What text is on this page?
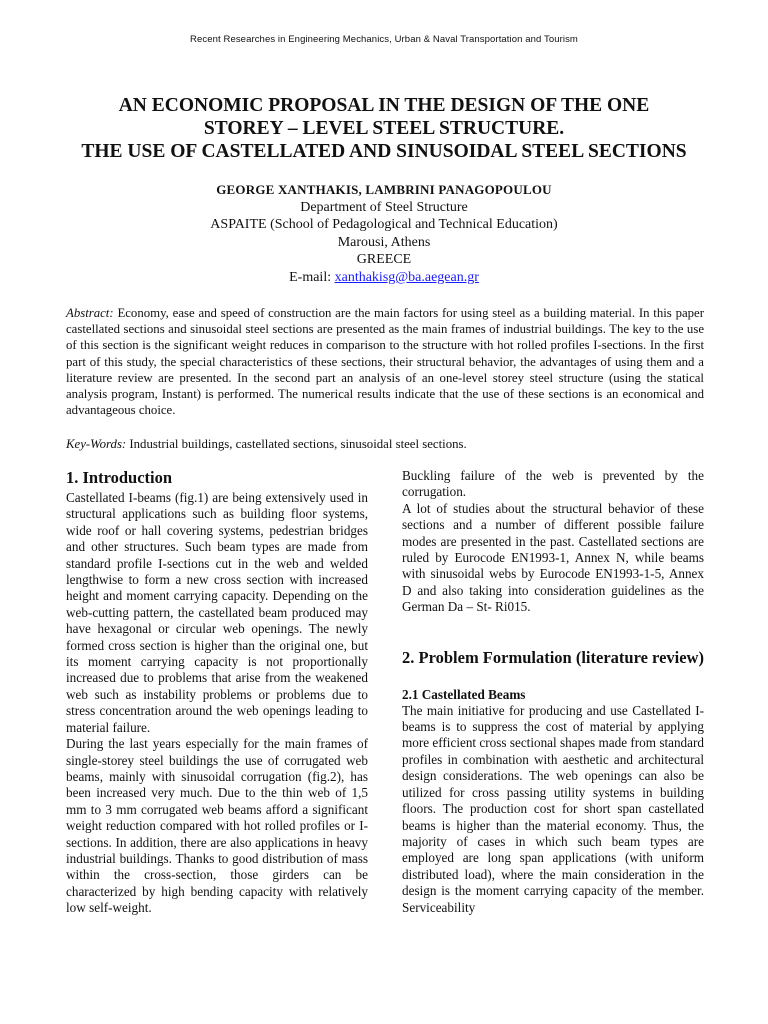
Recent Researches in Engineering Mechanics, Urban & Naval Transportation and Tourism
AN ECONOMIC PROPOSAL IN THE DESIGN OF THE ONE
STOREY – LEVEL STEEL STRUCTURE.
THE USE OF CASTELLATED AND SINUSOIDAL STEEL SECTIONS
GEORGE XANTHAKIS, LAMBRINI PANAGOPOULOU
Department of Steel Structure
ASPAITE (School of Pedagological and Technical Education)
Marousi, Athens
GREECE
E-mail: xanthakisg@ba.aegean.gr
Abstract: Economy, ease and speed of construction are the main factors for using steel as a building material. In this paper castellated sections and sinusoidal steel sections are presented as the main frames of industrial buildings. The key to the use of this section is the significant weight reduces in comparison to the structure with hot rolled profiles I-sections. In the first part of this study, the special characteristics of these sections, their structural behavior, the advantages of using them and a literature review are presented. In the second part an analysis of an one-level storey steel structure (using the statical analysis program, Instant) is performed. The numerical results indicate that the use of these sections is an economical and advantageous choice.
Key-Words: Industrial buildings, castellated sections, sinusoidal steel sections.
1. Introduction

Castellated I-beams (fig.1) are being extensively used in structural applications such as building floor systems, wide roof or hall covering systems, pedestrian bridges and other structures. Such beam types are made from standard profile I-sections cut in the web and welded lengthwise to form a new cross section with increased height and moment carrying capacity. Depending on the web-cutting pattern, the castellated beam produced may have hexagonal or circular web openings. The newly formed cross section is higher than the original one, but its moment carrying capacity is not proportionally increased due to problems that arise from the weakened web such as instability problems or problems due to stress concentration around the web openings leading to material failure.

During the last years especially for the main frames of single-storey steel buildings the use of corrugated web beams, mainly with sinusoidal corrugation (fig.2), has been increased very much. Due to the thin web of 1,5 mm to 3 mm corrugated web beams afford a significant weight reduction compared with hot rolled profiles or I-sections. In addition, there are also applications in heavy industrial buildings. Thanks to good distribution of mass within the cross-section, those girders can be characterized by high bending capacity with relatively low self-weight.

Buckling failure of the web is prevented by the corrugation.

A lot of studies about the structural behavior of these sections and a number of different possible failure modes are presented in the past. Castellated sections are ruled by Eurocode EN1993-1, Annex N, while beams with sinusoidal webs by Eurocode EN1993-1-5, Annex D and also taking into consideration guidelines as the German Da – St- Ri015.

2. Problem Formulation (literature review)
2.1 Castellated Beams

The main initiative for producing and use Castellated I-beams is to suppress the cost of material by applying more efficient cross sectional shapes made from standard profiles in combination with aesthetic and architectural design considerations. The web openings can also be utilized for cross passing utility systems in building floors. The production cost for short span castellated beams is higher than the material economy. Thus, the majority of cases in which such beam types are employed are long span applications (with uniform distributed load), where the main consideration in the design is the moment carrying capacity of the member. Serviceability
